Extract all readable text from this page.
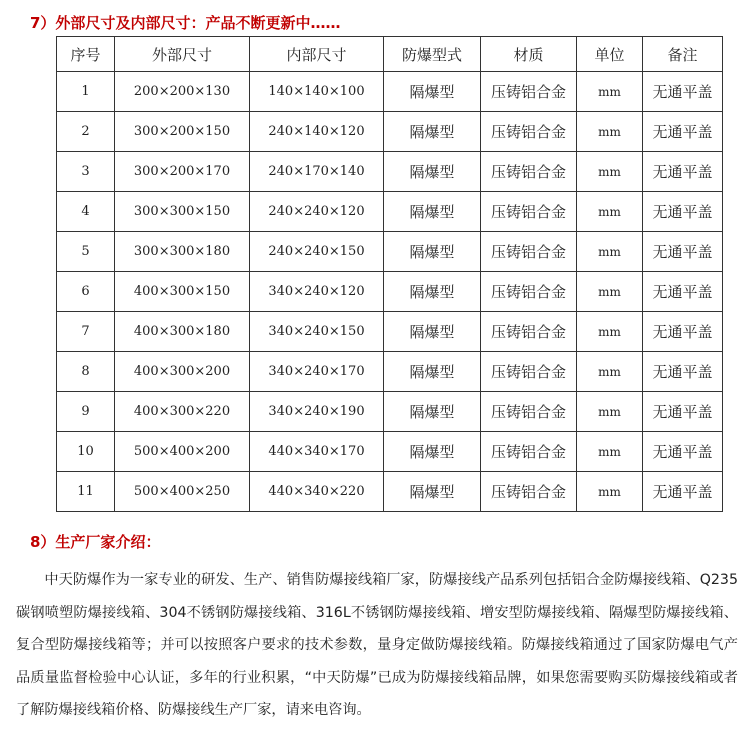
7）外部尺寸及内部尺寸：产品不断更新中……
序号	外部尺寸	内部尺寸	防爆型式	材质	单位	备注
1	200×200×130	140×140×100	隔爆型	压铸铝合金	mm	无通平盖
2	300×200×150	240×140×120	隔爆型	压铸铝合金	mm	无通平盖
3	300×200×170	240×170×140	隔爆型	压铸铝合金	mm	无通平盖
4	300×300×150	240×240×120	隔爆型	压铸铝合金	mm	无通平盖
5	300×300×180	240×240×150	隔爆型	压铸铝合金	mm	无通平盖
6	400×300×150	340×240×120	隔爆型	压铸铝合金	mm	无通平盖
7	400×300×180	340×240×150	隔爆型	压铸铝合金	mm	无通平盖
8	400×300×200	340×240×170	隔爆型	压铸铝合金	mm	无通平盖
9	400×300×220	340×240×190	隔爆型	压铸铝合金	mm	无通平盖
10	500×400×200	440×340×170	隔爆型	压铸铝合金	mm	无通平盖
11	500×400×250	440×340×220	隔爆型	压铸铝合金	mm	无通平盖
8）生产厂家介绍：
中天防爆作为一家专业的研发、生产、销售防爆接线箱厂家，防爆接线产品系列包括铝合金防爆接线箱、Q235碳钢喷塑防爆接线箱、304不锈钢防爆接线箱、316L不锈钢防爆接线箱、增安型防爆接线箱、隔爆型防爆接线箱、复合型防爆接线箱等；并可以按照客户要求的技术参数，量身定做防爆接线箱。防爆接线箱通过了国家防爆电气产品质量监督检验中心认证，多年的行业积累，“中天防爆”已成为防爆接线箱品牌，如果您需要购买防爆接线箱或者了解防爆接线箱价格、防爆接线生产厂家，请来电咨询。
